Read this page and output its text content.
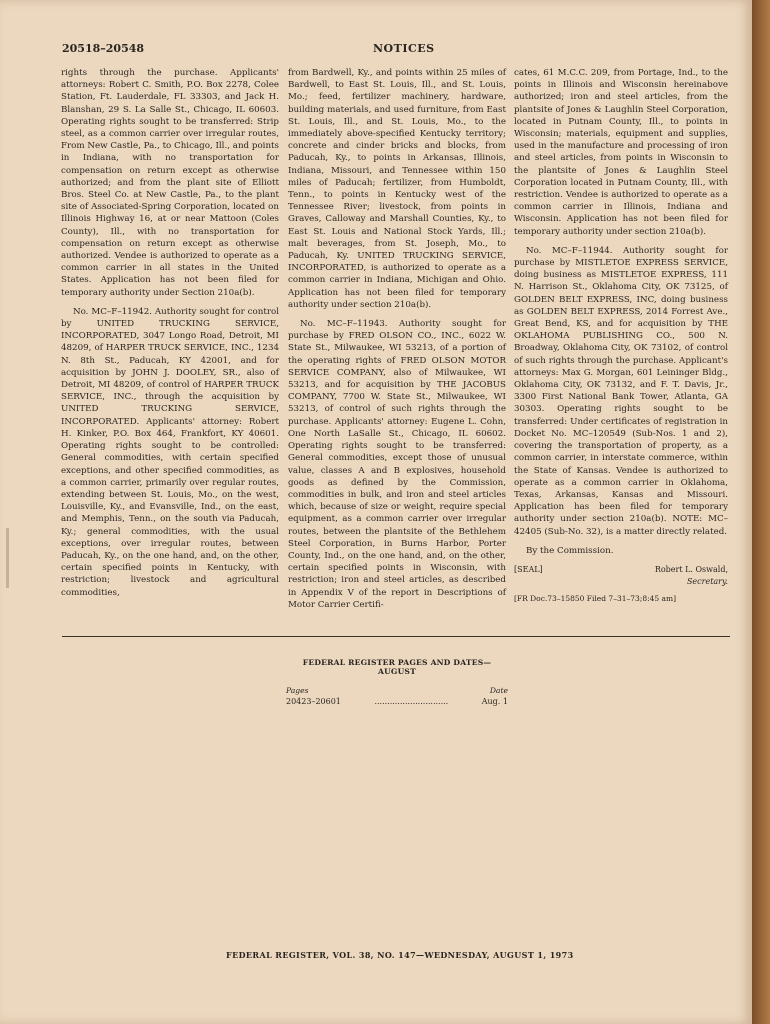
20518–20548	NOTICES

rights through the purchase. Applicants' attorneys: Robert C. Smith, P.O. Box 2278, Colee Station, Ft. Lauderdale, FL 33303, and Jack H. Blanshan, 29 S. La Salle St., Chicago, IL 60603. Operating rights sought to be transferred: Strip steel, as a common carrier over irregular routes, From New Castle, Pa., to Chicago, Ill., and points in Indiana, with no transportation for compensation on return except as otherwise authorized; and from the plant site of Elliott Bros. Steel Co. at New Castle, Pa., to the plant site of Associated-Spring Corporation, located on Illinois Highway 16, at or near Mattoon (Coles County), Ill., with no transportation for compensation on return except as otherwise authorized. Vendee is authorized to operate as a common carrier in all states in the United States. Application has not been filed for temporary authority under Section 210a(b).

No. MC–F–11942. Authority sought for control by UNITED TRUCKING SERVICE, INCORPORATED, 3047 Longo Road, Detroit, MI 48209, of HARPER TRUCK SERVICE, INC., 1234 N. 8th St., Paducah, KY 42001, and for acquisition by JOHN J. DOOLEY, SR., also of Detroit, MI 48209, of control of HARPER TRUCK SERVICE, INC., through the acquisition by UNITED TRUCKING SERVICE, INCORPORATED. Applicants' attorney: Robert H. Kinker, P.O. Box 464, Frankfort, KY 40601. Operating rights sought to be controlled: General commodities, with certain specified exceptions, and other specified commodities, as a common carrier, primarily over regular routes, extending between St. Louis, Mo., on the west, Louisville, Ky., and Evansville, Ind., on the east, and Memphis, Tenn., on the south via Paducah, Ky.; general commodities, with the usual exceptions, over irregular routes, between Paducah, Ky., on the one hand, and, on the other, certain specified points in Kentucky, with restriction; livestock and agricultural commodities,

from Bardwell, Ky., and points within 25 miles of Bardwell, to East St. Louis, Ill., and St. Louis, Mo.; feed, fertilizer machinery, hardware, building materials, and used furniture, from East St. Louis, Ill., and St. Louis, Mo., to the immediately above-specified Kentucky territory; concrete and cinder bricks and blocks, from Paducah, Ky., to points in Arkansas, Illinois, Indiana, Missouri, and Tennessee within 150 miles of Paducah; fertilizer, from Humboldt, Tenn., to points in Kentucky west of the Tennessee River; livestock, from points in Graves, Calloway and Marshall Counties, Ky., to East St. Louis and National Stock Yards, Ill.; malt beverages, from St. Joseph, Mo., to Paducah, Ky. UNITED TRUCKING SERVICE, INCORPORATED, is authorized to operate as a common carrier in Indiana, Michigan and Ohio. Application has not been filed for temporary authority under section 210a(b).

No. MC–F–11943. Authority sought for purchase by FRED OLSON CO., INC., 6022 W. State St., Milwaukee, WI 53213, of a portion of the operating rights of FRED OLSON MOTOR SERVICE COMPANY, also of Milwaukee, WI 53213, and for acquisition by THE JACOBUS COMPANY, 7700 W. State St., Milwaukee, WI 53213, of control of such rights through the purchase. Applicants' attorney: Eugene L. Cohn, One North LaSalle St., Chicago, IL 60602. Operating rights sought to be transferred: General commodities, except those of unusual value, classes A and B explosives, household goods as defined by the Commission, commodities in bulk, and iron and steel articles which, because of size or weight, require special equipment, as a common carrier over irregular routes, between the plantsite of the Bethlehem Steel Corporation, in Burns Harbor, Porter County, Ind., on the one hand, and, on the other, certain specified points in Wisconsin, with restriction; iron and steel articles, as described in Appendix V of the report in Descriptions of Motor Carrier Certifi-

cates, 61 M.C.C. 209, from Portage, Ind., to the points in Illinois and Wisconsin hereinabove authorized; iron and steel articles, from the plantsite of Jones & Laughlin Steel Corporation, located in Putnam County, Ill., to points in Wisconsin; materials, equipment and supplies, used in the manufacture and processing of iron and steel articles, from points in Wisconsin to the plantsite of Jones & Laughlin Steel Corporation located in Putnam County, Ill., with restriction. Vendee is authorized to operate as a common carrier in Illinois, Indiana and Wisconsin. Application has not been filed for temporary authority under section 210a(b).

No. MC–F–11944. Authority sought for purchase by MISTLETOE EXPRESS SERVICE, doing business as MISTLETOE EXPRESS, 111 N. Harrison St., Oklahoma City, OK 73125, of GOLDEN BELT EXPRESS, INC, doing business as GOLDEN BELT EXPRESS, 2014 Forrest Ave., Great Bend, KS, and for acquisition by THE OKLAHOMA PUBLISHING CO., 500 N. Broadway, Oklahoma City, OK 73102, of control of such rights through the purchase. Applicant's attorneys: Max G. Morgan, 601 Leininger Bldg., Oklahoma City, OK 73132, and F. T. Davis, Jr., 3300 First National Bank Tower, Atlanta, GA 30303. Operating rights sought to be transferred: Under certificates of registration in Docket No. MC–120549 (Sub-Nos. 1 and 2), covering the transportation of property, as a common carrier, in interstate commerce, within the State of Kansas. Vendee is authorized to operate as a common carrier in Oklahoma, Texas, Arkansas, Kansas and Missouri. Application has been filed for temporary authority under section 210a(b). NOTE: MC–42405 (Sub-No. 32), is a matter directly related.

By the Commission.

[SEAL]	Robert L. Oswald,
Secretary.
[FR Doc.73–15850 Filed 7–31–73;8:45 am]
FEDERAL REGISTER PAGES AND DATES—AUGUST
Pages	Date
20423–20601	.............................	Aug. 1
FEDERAL REGISTER, VOL. 38, NO. 147—WEDNESDAY, AUGUST 1, 1973
